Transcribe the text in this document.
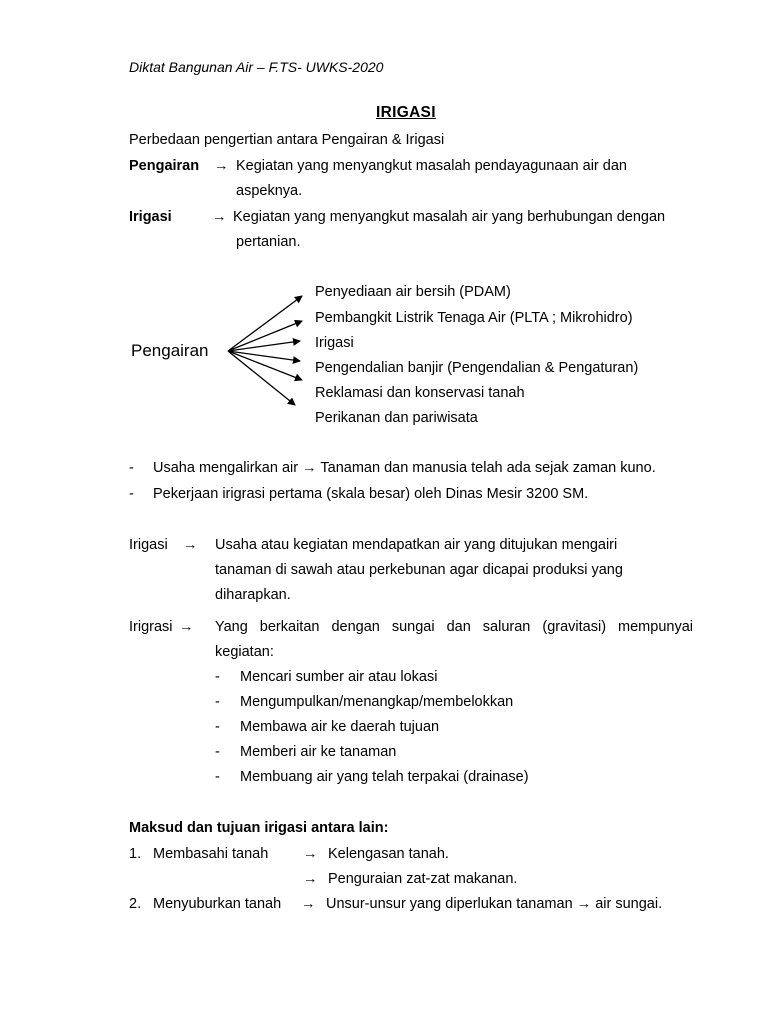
Diktat Bangunan Air – F.TS- UWKS-2020
IRIGASI
Perbedaan pengertian antara Pengairan & Irigasi
Pengairan → Kegiatan yang menyangkut masalah pendayagunaan air dan
aspeknya.
Irigasi	→ Kegiatan yang menyangkut masalah air yang berhubungan dengan
pertanian.
Pengairan
Penyediaan air bersih (PDAM)
Pembangkit Listrik Tenaga Air (PLTA ; Mikrohidro)
Irigasi
Pengendalian banjir (Pengendalian & Pengaturan)
Reklamasi dan konservasi tanah
Perikanan dan pariwisata
- Usaha mengalirkan air → Tanaman dan manusia telah ada sejak zaman kuno.
- Pekerjaan irigrasi pertama (skala besar) oleh Dinas Mesir 3200 SM.
Irigasi → Usaha atau kegiatan mendapatkan air yang ditujukan mengairi
tanaman di sawah atau perkebunan agar dicapai produksi yang
diharapkan.
Irigrasi → Yang berkaitan dengan sungai dan saluran (gravitasi) mempunyai
kegiatan:
- Mencari sumber air atau lokasi
- Mengumpulkan/menangkap/membelokkan
- Membawa air ke daerah tujuan
- Memberi air ke tanaman
- Membuang air yang telah terpakai (drainase)
Maksud dan tujuan irigasi antara lain:
1. Membasahi tanah → Kelengasan tanah.
→ Penguraian zat-zat makanan.
2. Menyuburkan tanah → Unsur-unsur yang diperlukan tanaman → air sungai.
